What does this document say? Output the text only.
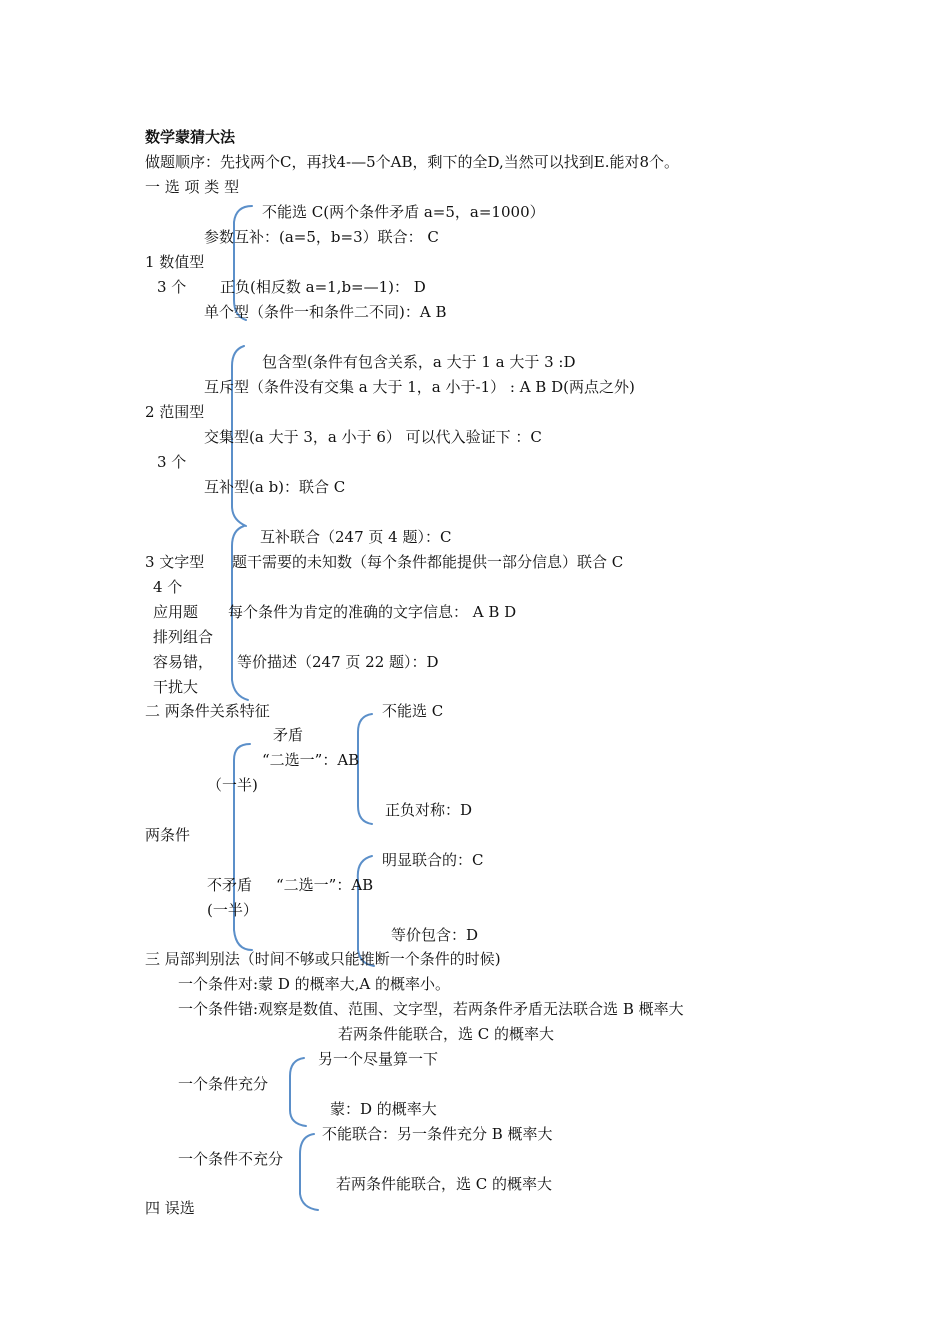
数学蒙猜大法
做题顺序：先找两个C，再找4-—5个AB，剩下的全D,当然可以找到E.能对8个。
一 选 项 类 型
不能选 C(两个条件矛盾 a=5，a=1000）
参数互补：(a=5，b=3）联合： C
1 数值型
3 个 正负(相反数 a=1,b=—1)： D
单个型（条件一和条件二不同)：A B
包含型(条件有包含关系，a 大于 1 a 大于 3 :D
互斥型（条件没有交集 a 大于 1，a 小于-1） : A B D(两点之外)
2 范围型
交集型(a 大于 3，a 小于 6） 可以代入验证下 ：C
3 个
互补型(a b)：联合 C
互补联合（247 页 4 题）：C
3 文字型 题干需要的未知数（每个条件都能提供一部分信息）联合 C
4 个
应用题 每个条件为肯定的准确的文字信息： A B D
排列组合
容易错， 等价描述（247 页 22 题）：D
干扰大
二 两条件关系特征	不能选 C
矛盾
“二选一”：AB
（一半)
正负对称：D
两条件
明显联合的：C
不矛盾 “二选一”：AB
(一半）
等价包含：D
三 局部判别法（时间不够或只能推断一个条件的时候)
一个条件对:蒙 D 的概率大,A 的概率小。
一个条件错:观察是数值、范围、文字型，若两条件矛盾无法联合选 B 概率大
若两条件能联合，选 C 的概率大
另一个尽量算一下
一个条件充分
蒙：D 的概率大
不能联合：另一条件充分 B 概率大
一个条件不充分
若两条件能联合，选 C 的概率大
四 误选
